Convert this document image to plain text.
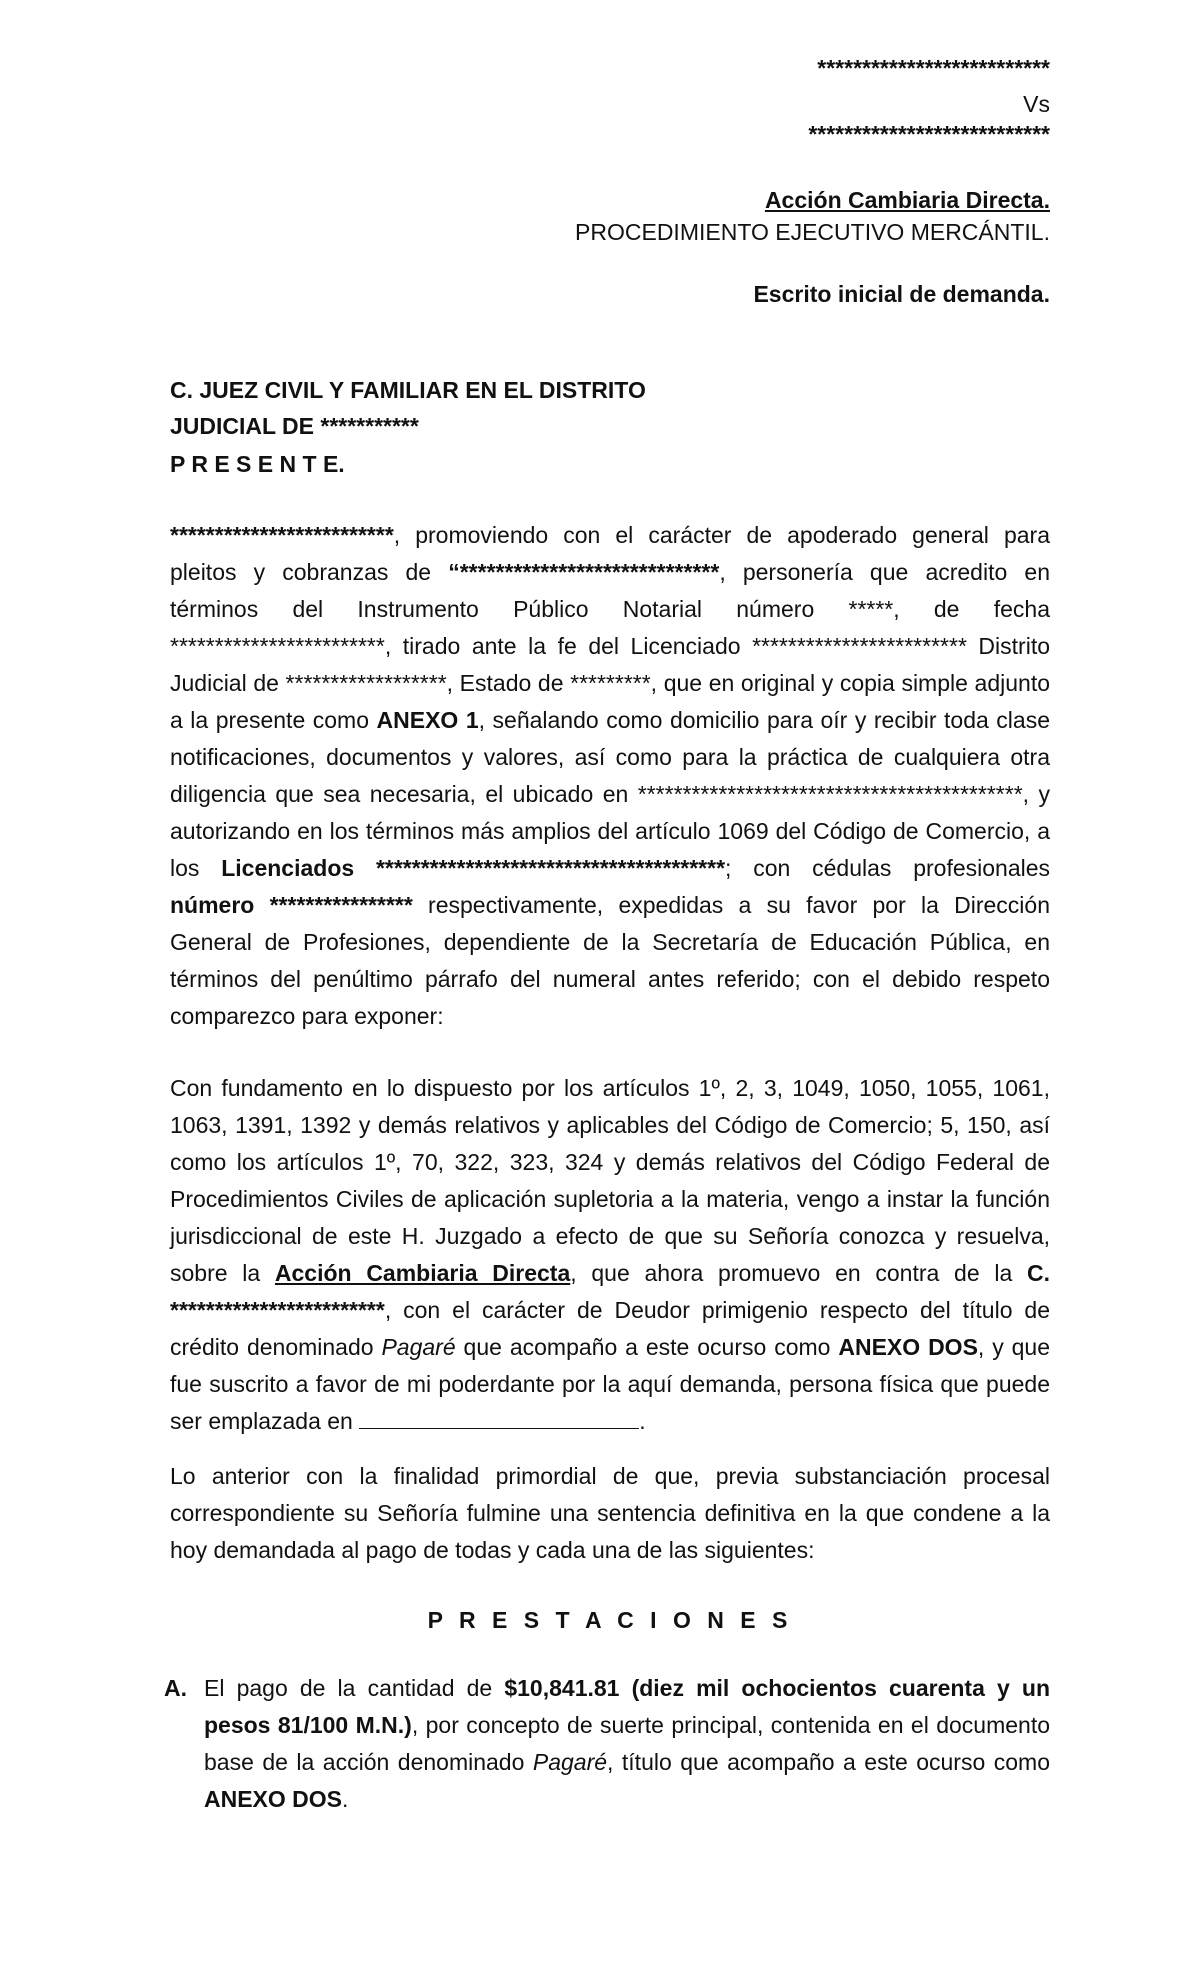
**************************
Vs
***************************
Acción Cambiaria Directa.
PROCEDIMIENTO EJECUTIVO MERCÁNTIL.
Escrito inicial de demanda.
C. JUEZ CIVIL Y FAMILIAR EN EL DISTRITO
JUDICIAL DE ***********
P R E S E N T E.
*************************, promoviendo con el carácter de apoderado general para pleitos y cobranzas de “*****************************, personería que acredito en términos del Instrumento Público Notarial número *****, de fecha ************************, tirado ante la fe del Licenciado ************************ Distrito Judicial de ******************, Estado de *********, que en original y copia simple adjunto a la presente como ANEXO 1, señalando como domicilio para oír y recibir toda clase notificaciones, documentos y valores, así como para la práctica de cualquiera otra diligencia que sea necesaria, el ubicado en *******************************************, y autorizando en los términos más amplios del artículo 1069 del Código de Comercio, a los Licenciados ***************************************; con cédulas profesionales número **************** respectivamente, expedidas a su favor por la Dirección General de Profesiones, dependiente de la Secretaría de Educación Pública, en términos del penúltimo párrafo del numeral antes referido; con el debido respeto comparezco para exponer:
Con fundamento en lo dispuesto por los artículos 1º, 2, 3, 1049, 1050, 1055, 1061, 1063, 1391, 1392 y demás relativos y aplicables del Código de Comercio; 5, 150, así como los artículos 1º, 70, 322, 323, 324 y demás relativos del Código Federal de Procedimientos Civiles de aplicación supletoria a la materia, vengo a instar la función jurisdiccional de este H. Juzgado a efecto de que su Señoría conozca y resuelva, sobre la Acción Cambiaria Directa, que ahora promuevo en contra de la C. ************************, con el carácter de Deudor primigenio respecto del título de crédito denominado Pagaré que acompaño a este ocurso como ANEXO DOS, y que fue suscrito a favor de mi poderdante por la aquí demanda, persona física que puede ser emplazada en	.
Lo anterior con la finalidad primordial de que, previa substanciación procesal correspondiente su Señoría fulmine una sentencia definitiva en la que condene a la hoy demandada al pago de todas y cada una de las siguientes:
P R E S T A C I O N E S
A. El pago de la cantidad de $10,841.81 (diez mil ochocientos cuarenta y un pesos 81/100 M.N.), por concepto de suerte principal, contenida en el documento base de la acción denominado Pagaré, título que acompaño a este ocurso como ANEXO DOS.
